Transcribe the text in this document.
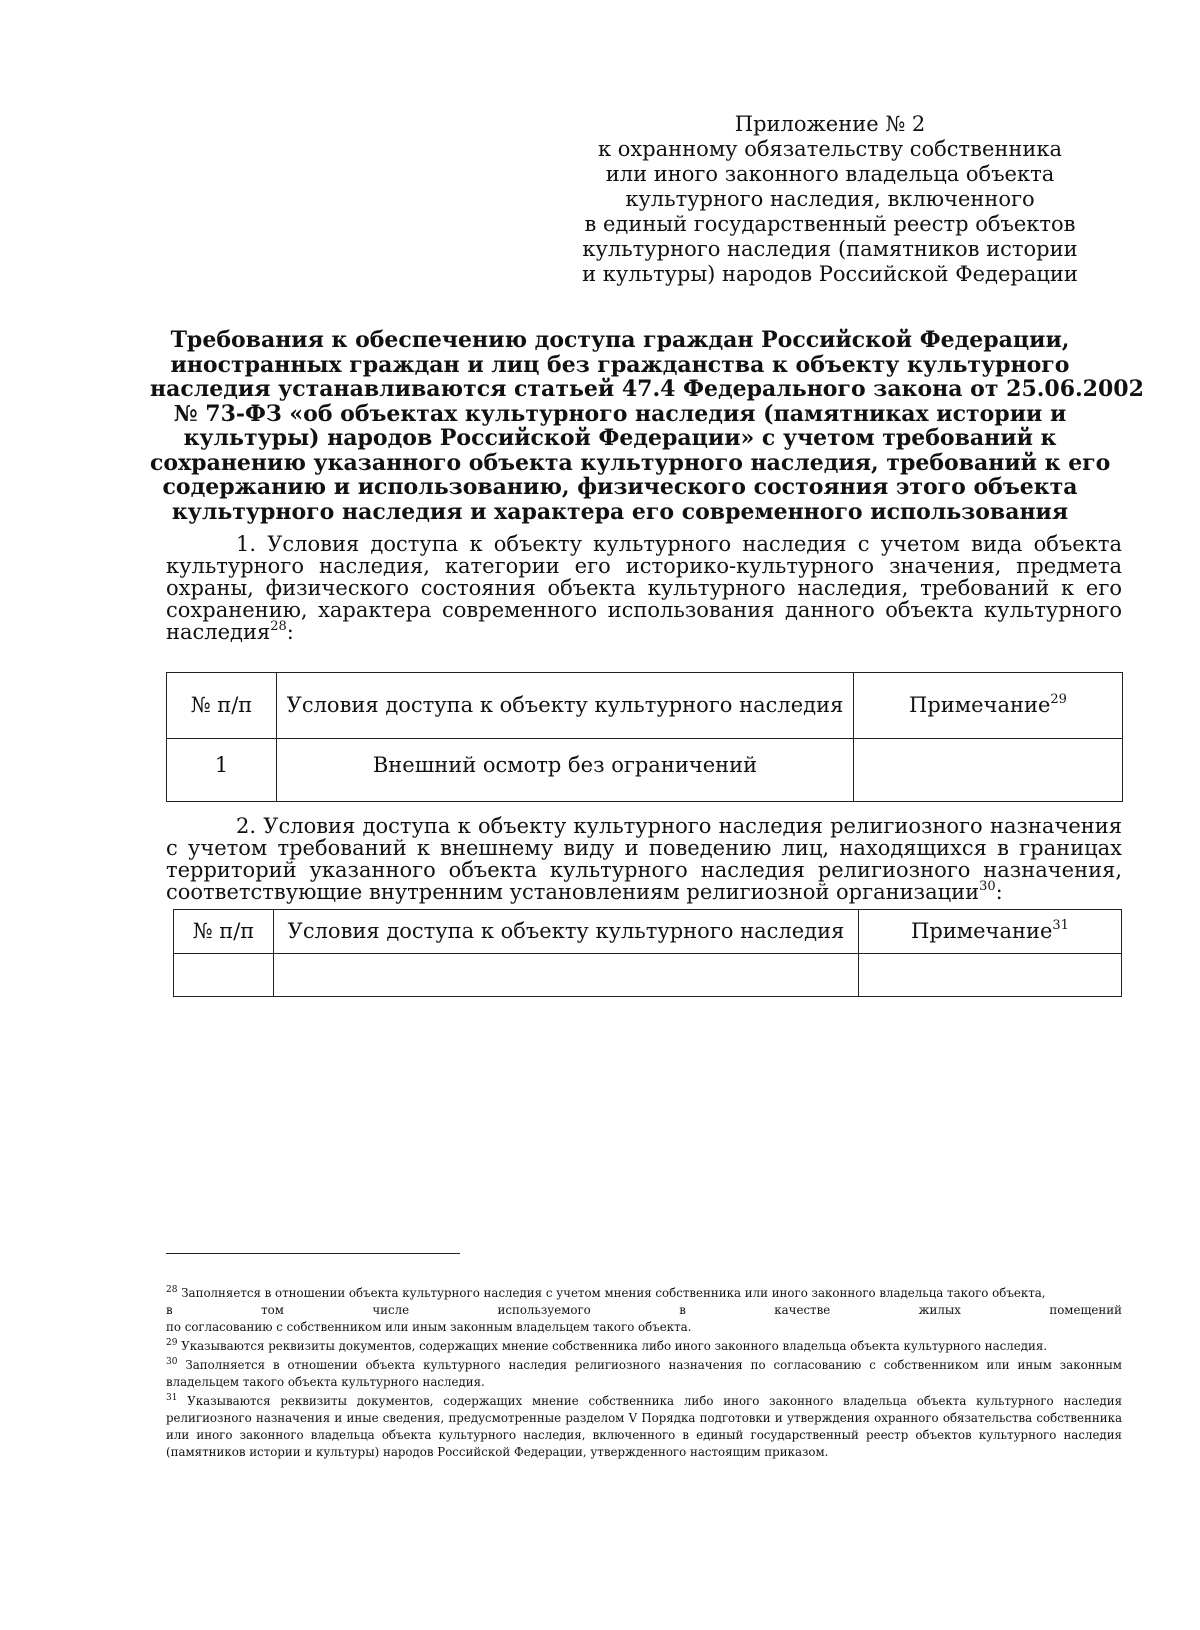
Приложение № 2
к охранному обязательству собственника
или иного законного владельца объекта
культурного наследия, включенного
в единый государственный реестр объектов
культурного наследия (памятников истории
и культуры) народов Российской Федерации
Требования к обеспечению доступа граждан Российской Федерации,
иностранных граждан и лиц без гражданства к объекту культурного
наследия устанавливаются статьей 47.4 Федерального закона от 25.06.2002
№ 73-ФЗ «об объектах культурного наследия (памятниках истории и
культуры) народов Российской Федерации» с учетом требований к
сохранению указанного объекта культурного наследия, требований к его
содержанию и использованию, физического состояния этого объекта
культурного наследия и характера его современного использования
1. Условия доступа к объекту культурного наследия с учетом вида объекта культурного наследия, категории его историко-культурного значения, предмета охраны, физического состояния объекта культурного наследия, требований к его сохранению, характера современного использования данного объекта культурного наследия$^{28}$:
№ п/п	Условия доступа к объекту культурного наследия	Примечание$^{29}$

1	Внешний осмотр без ограничений	

2. Условия доступа к объекту культурного наследия религиозного назначения с учетом требований к внешнему виду и поведению лиц, находящихся в границах территорий указанного объекта культурного наследия религиозного назначения, соответствующие внутренним установлениям религиозной организации$^{30}$:
№ п/п	Условия доступа к объекту культурного наследия	Примечание$^{31}$

$^{28}$ Заполняется в отношении объекта культурного наследия с учетом мнения собственника или иного законного владельца такого объекта,
в	том	числе	используемого	в	качестве	жилых	помещений
по согласованию с собственником или иным законным владельцем такого объекта.
$^{29}$ Указываются реквизиты документов, содержащих мнение собственника либо иного законного владельца объекта культурного наследия.
$^{30}$ Заполняется в отношении объекта культурного наследия религиозного назначения по согласованию с собственником или иным законным владельцем такого объекта культурного наследия.
$^{31}$ Указываются реквизиты документов, содержащих мнение собственника либо иного законного владельца объекта культурного наследия религиозного назначения и иные сведения, предусмотренные разделом V Порядка подготовки и утверждения охранного обязательства собственника или иного законного владельца объекта культурного наследия, включенного в единый государственный реестр объектов культурного наследия (памятников истории и культуры) народов Российской Федерации, утвержденного настоящим приказом.
